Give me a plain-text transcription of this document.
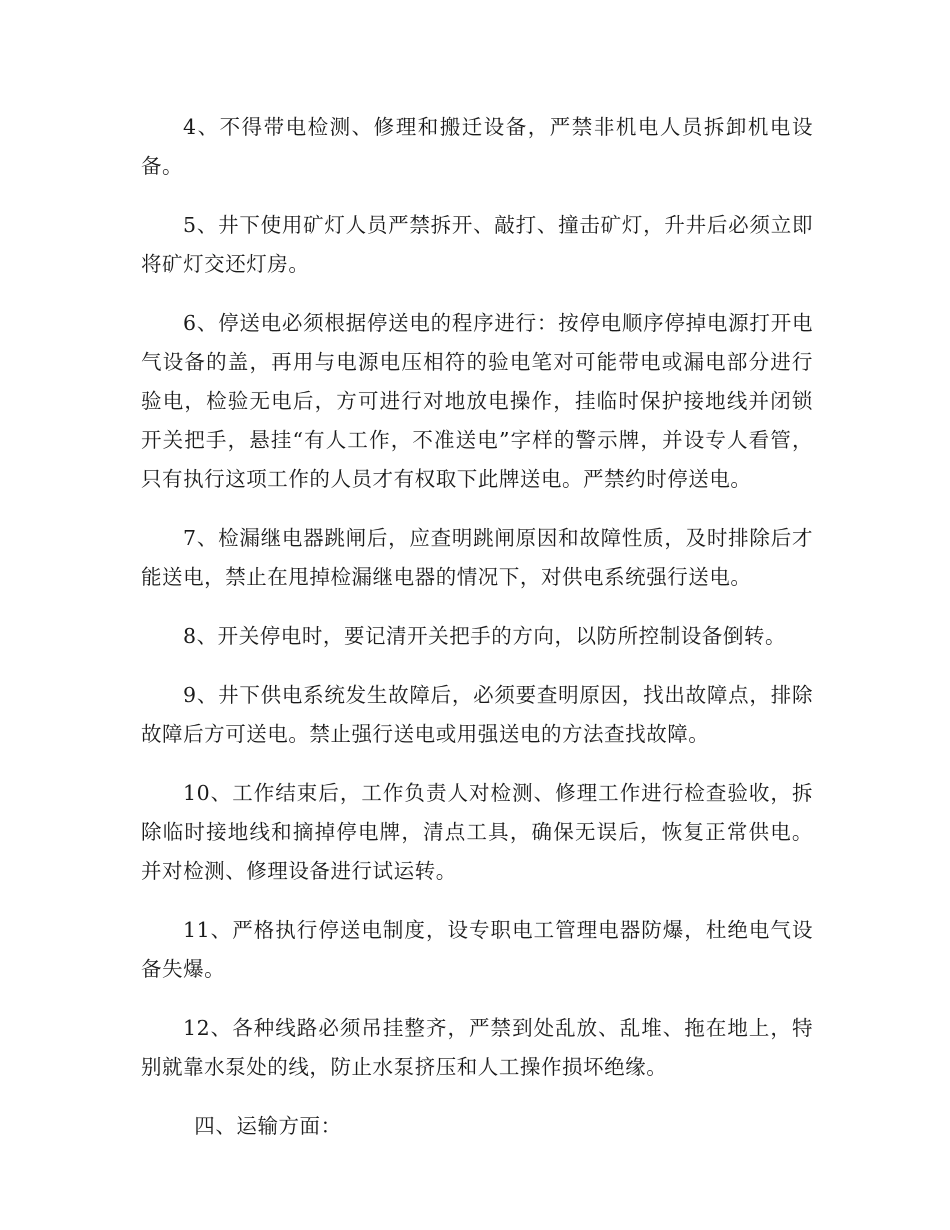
4、不得带电检测、修理和搬迁设备，严禁非机电人员拆卸机电设备。

5、井下使用矿灯人员严禁拆开、敲打、撞击矿灯，升井后必须立即将矿灯交还灯房。

6、停送电必须根据停送电的程序进行：按停电顺序停掉电源打开电气设备的盖，再用与电源电压相符的验电笔对可能带电或漏电部分进行验电，检验无电后，方可进行对地放电操作，挂临时保护接地线并闭锁开关把手，悬挂“有人工作，不准送电”字样的警示牌，并设专人看管，只有执行这项工作的人员才有权取下此牌送电。严禁约时停送电。

7、检漏继电器跳闸后，应查明跳闸原因和故障性质，及时排除后才能送电，禁止在甩掉检漏继电器的情况下，对供电系统强行送电。

8、开关停电时，要记清开关把手的方向，以防所控制设备倒转。

9、井下供电系统发生故障后，必须要查明原因，找出故障点，排除故障后方可送电。禁止强行送电或用强送电的方法查找故障。

10、工作结束后，工作负责人对检测、修理工作进行检查验收，拆除临时接地线和摘掉停电牌，清点工具，确保无误后，恢复正常供电。并对检测、修理设备进行试运转。

11、严格执行停送电制度，设专职电工管理电器防爆，杜绝电气设备失爆。

12、各种线路必须吊挂整齐，严禁到处乱放、乱堆、拖在地上，特别就靠水泵处的线，防止水泵挤压和人工操作损坏绝缘。

四、运输方面：
